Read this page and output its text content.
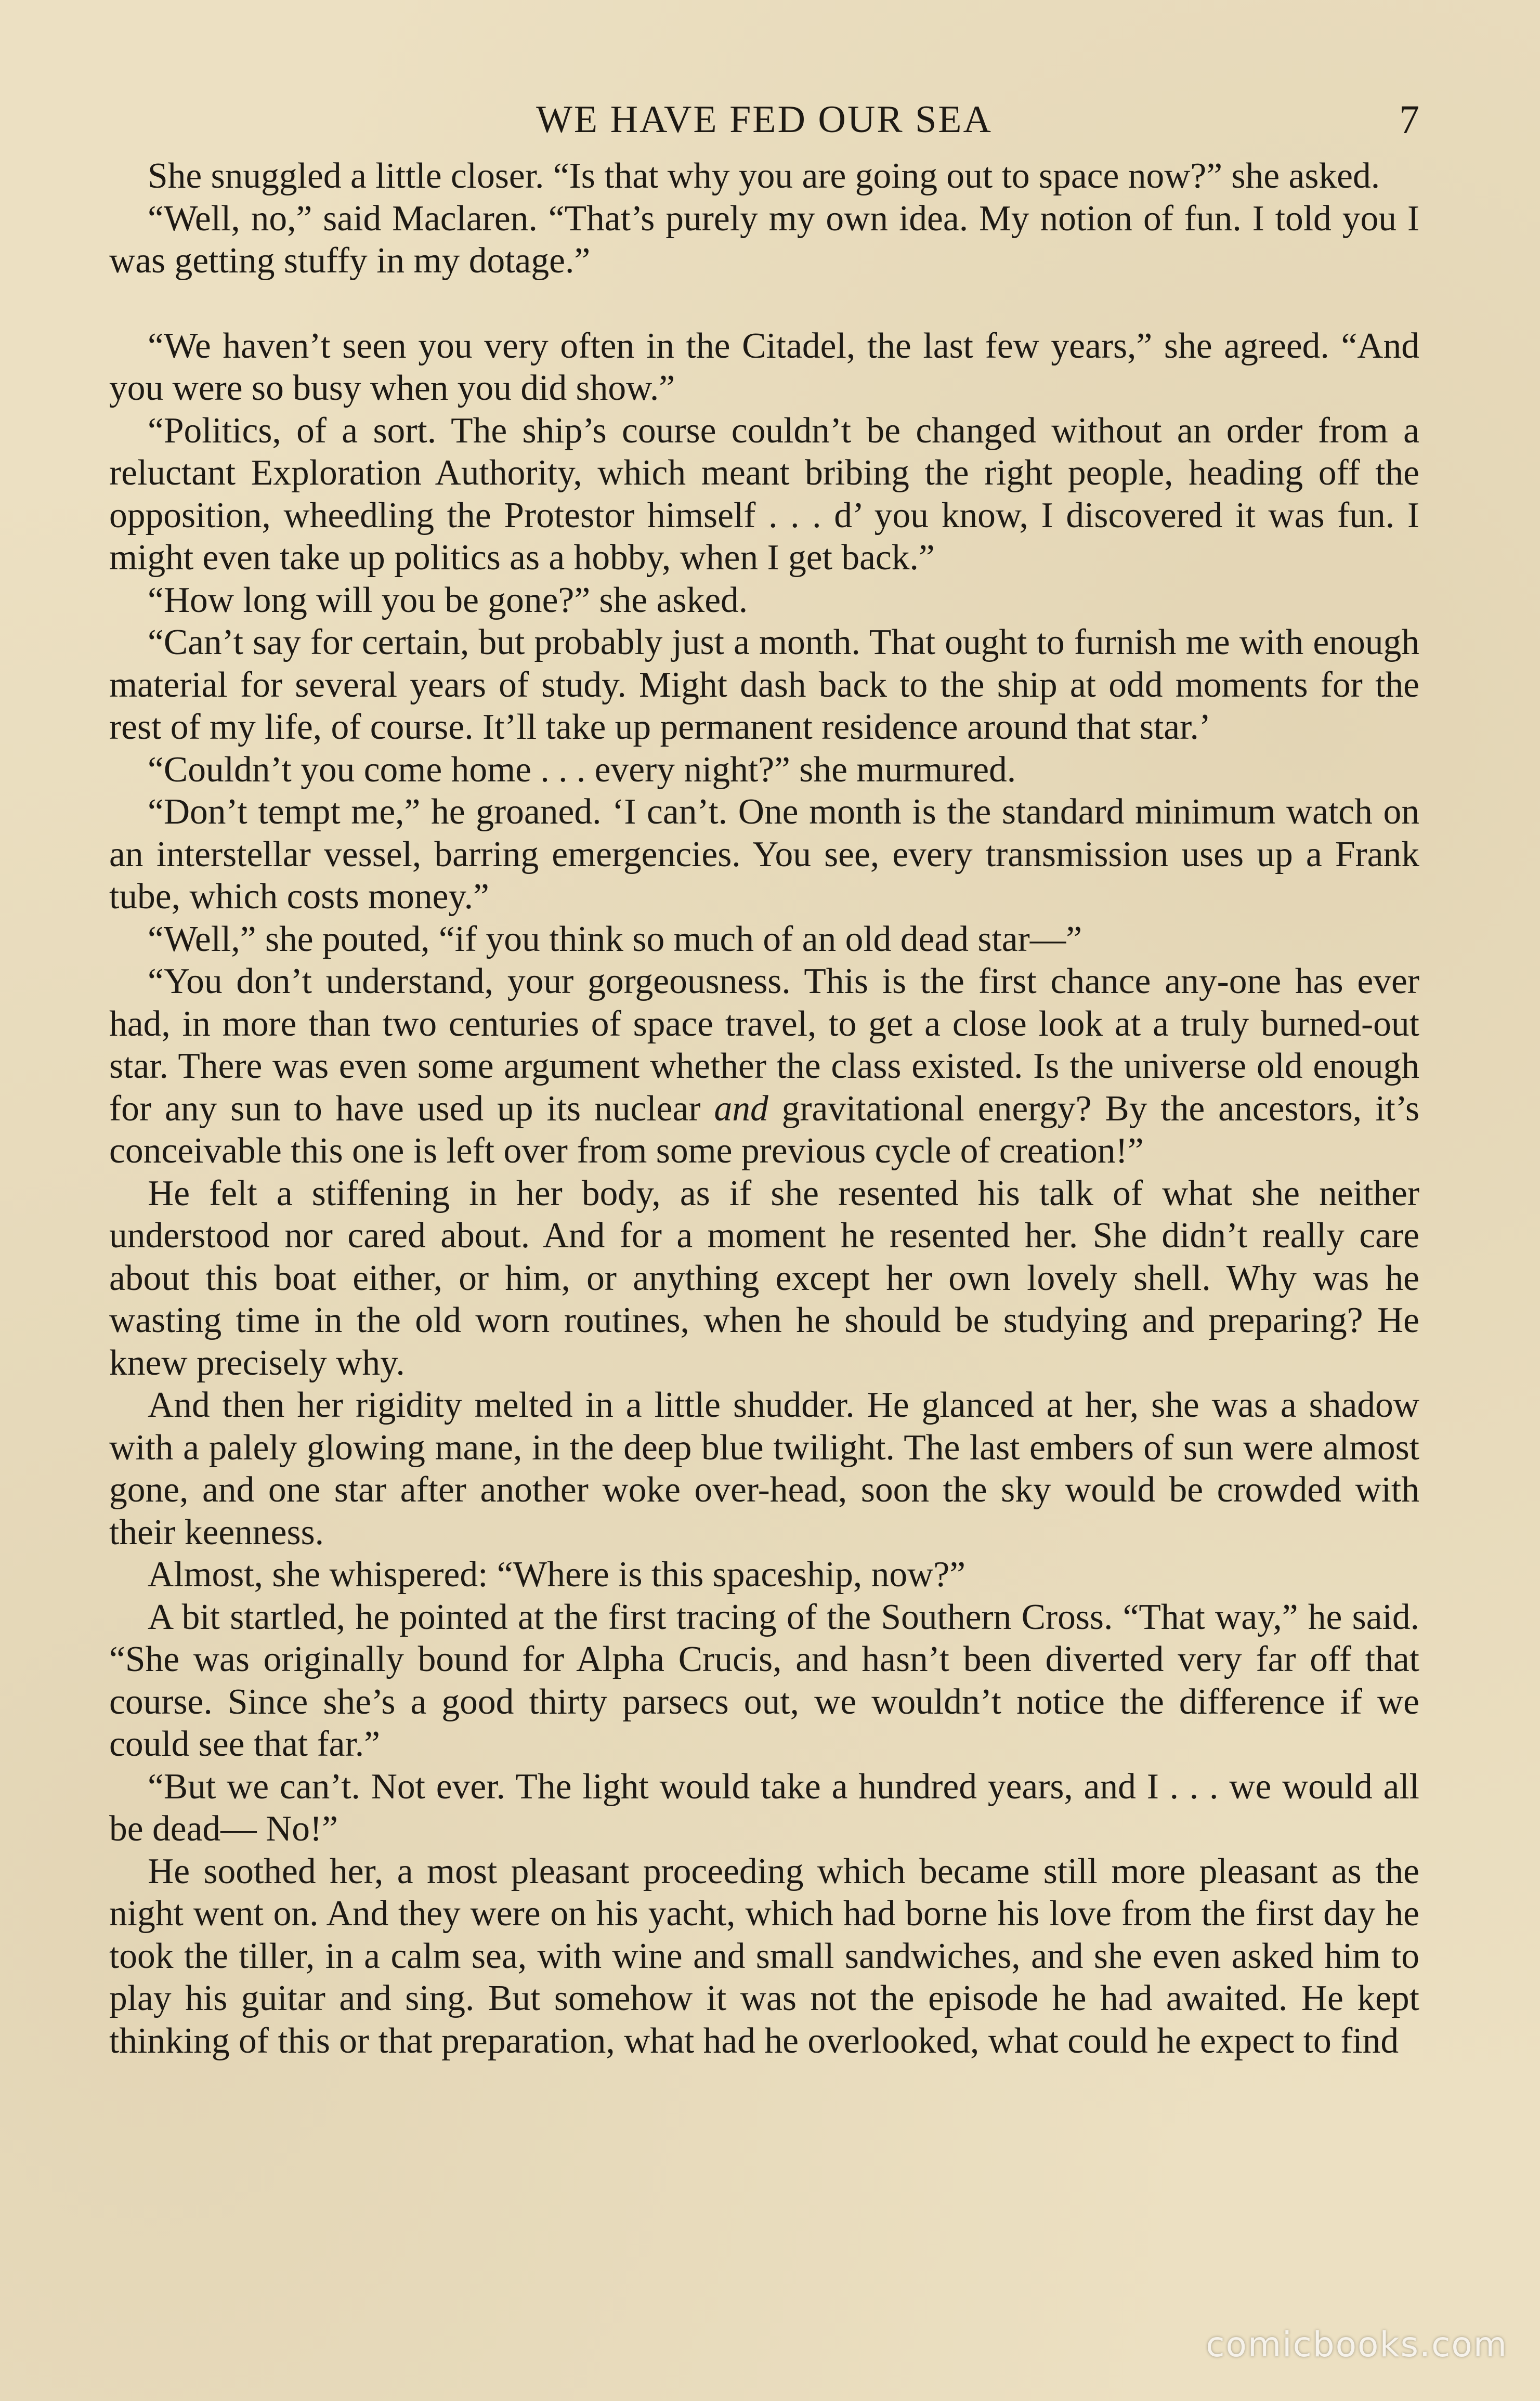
WE HAVE FED OUR SEA	7

She snuggled a little closer. “Is that why you are going out to space now?” she asked.

“Well, no,” said Maclaren. “That’s purely my own idea. My notion of fun. I told you I was getting stuffy in my dotage.”

“We haven’t seen you very often in the Citadel, the last few years,” she agreed. “And you were so busy when you did show.”

“Politics, of a sort. The ship’s course couldn’t be changed without an order from a reluctant Exploration Authority, which meant bribing the right people, heading off the opposition, wheedling the Protestor himself . . . d’ you know, I discovered it was fun. I might even take up politics as a hobby, when I get back.”

“How long will you be gone?” she asked.

“Can’t say for certain, but probably just a month. That ought to furnish me with enough material for several years of study. Might dash back to the ship at odd moments for the rest of my life, of course. It’ll take up permanent residence around that star.’

“Couldn’t you come home . . . every night?” she murmured.

“Don’t tempt me,” he groaned. ‘I can’t. One month is the standard minimum watch on an interstellar vessel, barring emergencies. You see, every transmission uses up a Frank tube, which costs money.”

“Well,” she pouted, “if you think so much of an old dead star—”

“You don’t understand, your gorgeousness. This is the first chance any-one has ever had, in more than two centuries of space travel, to get a close look at a truly burned-out star. There was even some argument whether the class existed. Is the universe old enough for any sun to have used up its nuclear and gravitational energy? By the ancestors, it’s conceivable this one is left over from some previous cycle of creation!”

He felt a stiffening in her body, as if she resented his talk of what she neither understood nor cared about. And for a moment he resented her. She didn’t really care about this boat either, or him, or anything except her own lovely shell. Why was he wasting time in the old worn routines, when he should be studying and preparing? He knew precisely why.

And then her rigidity melted in a little shudder. He glanced at her, she was a shadow with a palely glowing mane, in the deep blue twilight. The last embers of sun were almost gone, and one star after another woke over-head, soon the sky would be crowded with their keenness.

Almost, she whispered: “Where is this spaceship, now?”

A bit startled, he pointed at the first tracing of the Southern Cross. “That way,” he said. “She was originally bound for Alpha Crucis, and hasn’t been diverted very far off that course. Since she’s a good thirty parsecs out, we wouldn’t notice the difference if we could see that far.”

“But we can’t. Not ever. The light would take a hundred years, and I . . . we would all be dead— No!”

He soothed her, a most pleasant proceeding which became still more pleasant as the night went on. And they were on his yacht, which had borne his love from the first day he took the tiller, in a calm sea, with wine and small sandwiches, and she even asked him to play his guitar and sing. But somehow it was not the episode he had awaited. He kept thinking of this or that preparation, what had he overlooked, what could he expect to find

comicbooks.com
